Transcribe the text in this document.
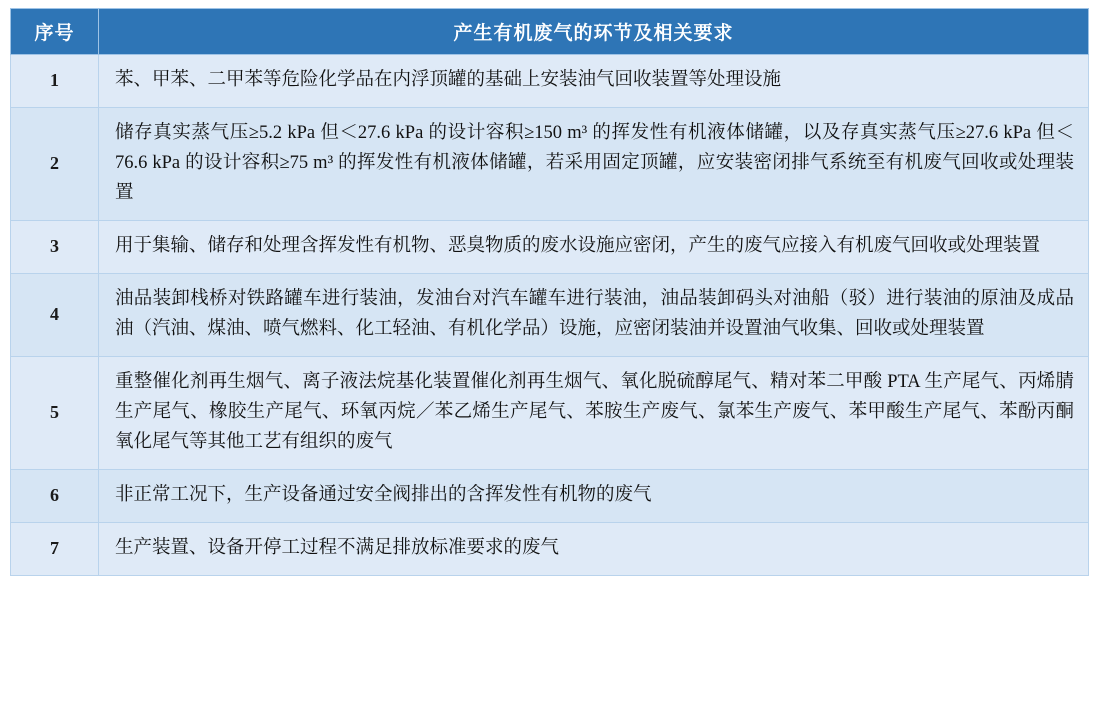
序号	产生有机废气的环节及相关要求
1	苯、甲苯、二甲苯等危险化学品在内浮顶罐的基础上安装油气回收装置等处理设施
2	储存真实蒸气压≥5.2 kPa 但＜27.6 kPa 的设计容积≥150 m³ 的挥发性有机液体储罐，以及存真实蒸气压≥27.6 kPa 但＜76.6 kPa 的设计容积≥75 m³ 的挥发性有机液体储罐，若采用固定顶罐，应安装密闭排气系统至有机废气回收或处理装置
3	用于集输、储存和处理含挥发性有机物、恶臭物质的废水设施应密闭，产生的废气应接入有机废气回收或处理装置
4	油品装卸栈桥对铁路罐车进行装油，发油台对汽车罐车进行装油，油品装卸码头对油船（驳）进行装油的原油及成品油（汽油、煤油、喷气燃料、化工轻油、有机化学品）设施，应密闭装油并设置油气收集、回收或处理装置
5	重整催化剂再生烟气、离子液法烷基化装置催化剂再生烟气、氧化脱硫醇尾气、精对苯二甲酸 PTA 生产尾气、丙烯腈生产尾气、橡胶生产尾气、环氧丙烷／苯乙烯生产尾气、苯胺生产废气、氯苯生产废气、苯甲酸生产尾气、苯酚丙酮氧化尾气等其他工艺有组织的废气
6	非正常工况下，生产设备通过安全阀排出的含挥发性有机物的废气
7	生产装置、设备开停工过程不满足排放标准要求的废气
